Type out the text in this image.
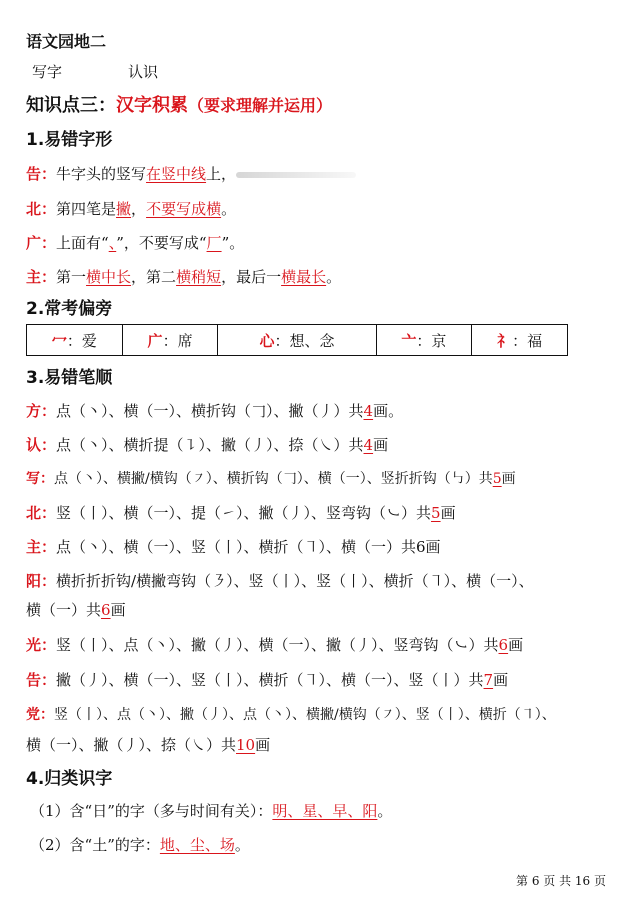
语文园地二
写字	认识
知识点三：汉字积累（要求理解并运用）
1.易错字形
告：牛字头的竖写在竖中线上，
北：第四笔是撇，不要写成横。
广：上面有“、”，不要写成“厂”。
主：第一横中长，第二横稍短，最后一横最长。
2.常考偏旁
冖：爱	广：席	心：想、念	亠：京	礻：福
3.易错笔顺
方：点（丶）、横（一）、横折钩（𠃌）、撇（丿）共4画。
认：点（丶）、横折提（㇊）、撇（丿）、捺（㇏）共4画
写：点（丶）、横撇/横钩（㇇）、横折钩（𠃌）、横（一）、竖折折钩（㇉）共5画
北：竖（丨）、横（一）、提（㇀）、撇（丿）、竖弯钩（㇃）共5画
主：点（丶）、横（一）、竖（丨）、横折（㇕）、横（一）共6画
阳：横折折折钩/横撇弯钩（㇋）、竖（丨）、竖（丨）、横折（㇕）、横（一）、
横（一）共6画
光：竖（丨）、点（丶）、撇（丿）、横（一）、撇（丿）、竖弯钩（㇃）共6画
告：撇（丿）、横（一）、竖（丨）、横折（㇕）、横（一）、竖（丨）共7画
党：竖（丨）、点（丶）、撇（丿）、点（丶）、横撇/横钩（㇇）、竖（丨）、横折（㇕）、
横（一）、撇（丿）、捺（㇏）共10画
4.归类识字
（1）含“日”的字（多与时间有关）：明、星、早、阳。
（2）含“土”的字：地、尘、场。
第 6 页 共 16 页
